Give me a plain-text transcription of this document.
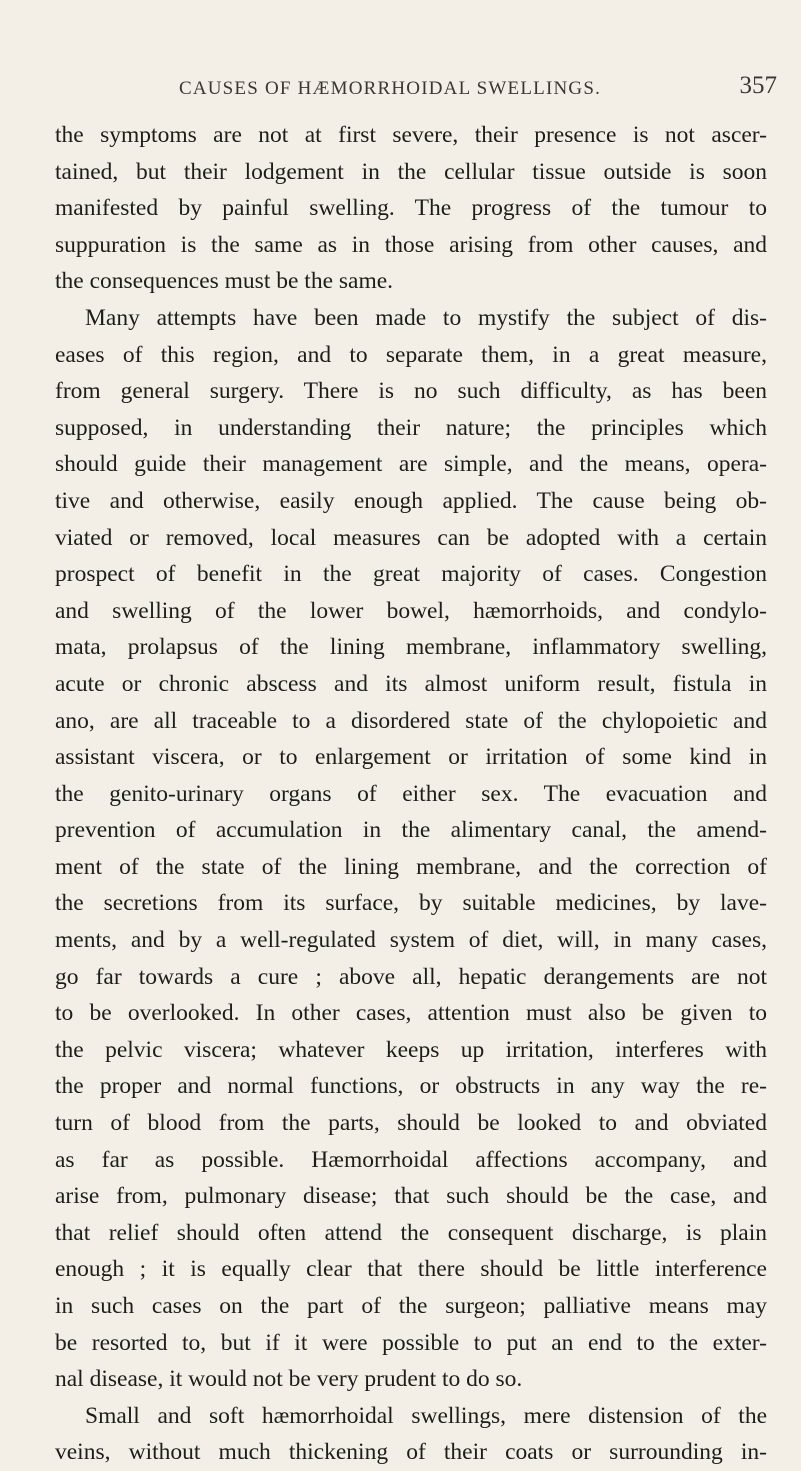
CAUSES OF HÆMORRHOIDAL SWELLINGS.	357
the symptoms are not at first severe, their presence is not ascer-
tained, but their lodgement in the cellular tissue outside is soon
manifested by painful swelling. The progress of the tumour to
suppuration is the same as in those arising from other causes, and
the consequences must be the same.
Many attempts have been made to mystify the subject of dis-
eases of this region, and to separate them, in a great measure,
from general surgery. There is no such difficulty, as has been
supposed, in understanding their nature; the principles which
should guide their management are simple, and the means, opera-
tive and otherwise, easily enough applied. The cause being ob-
viated or removed, local measures can be adopted with a certain
prospect of benefit in the great majority of cases. Congestion
and swelling of the lower bowel, hæmorrhoids, and condylo-
mata, prolapsus of the lining membrane, inflammatory swelling,
acute or chronic abscess and its almost uniform result, fistula in
ano, are all traceable to a disordered state of the chylopoietic and
assistant viscera, or to enlargement or irritation of some kind in
the genito-urinary organs of either sex. The evacuation and
prevention of accumulation in the alimentary canal, the amend-
ment of the state of the lining membrane, and the correction of
the secretions from its surface, by suitable medicines, by lave-
ments, and by a well-regulated system of diet, will, in many cases,
go far towards a cure ; above all, hepatic derangements are not
to be overlooked. In other cases, attention must also be given to
the pelvic viscera; whatever keeps up irritation, interferes with
the proper and normal functions, or obstructs in any way the re-
turn of blood from the parts, should be looked to and obviated
as far as possible. Hæmorrhoidal affections accompany, and
arise from, pulmonary disease; that such should be the case, and
that relief should often attend the consequent discharge, is plain
enough ; it is equally clear that there should be little interference
in such cases on the part of the surgeon; palliative means may
be resorted to, but if it were possible to put an end to the exter-
nal disease, it would not be very prudent to do so.
Small and soft hæmorrhoidal swellings, mere distension of the
veins, without much thickening of their coats or surrounding in-
